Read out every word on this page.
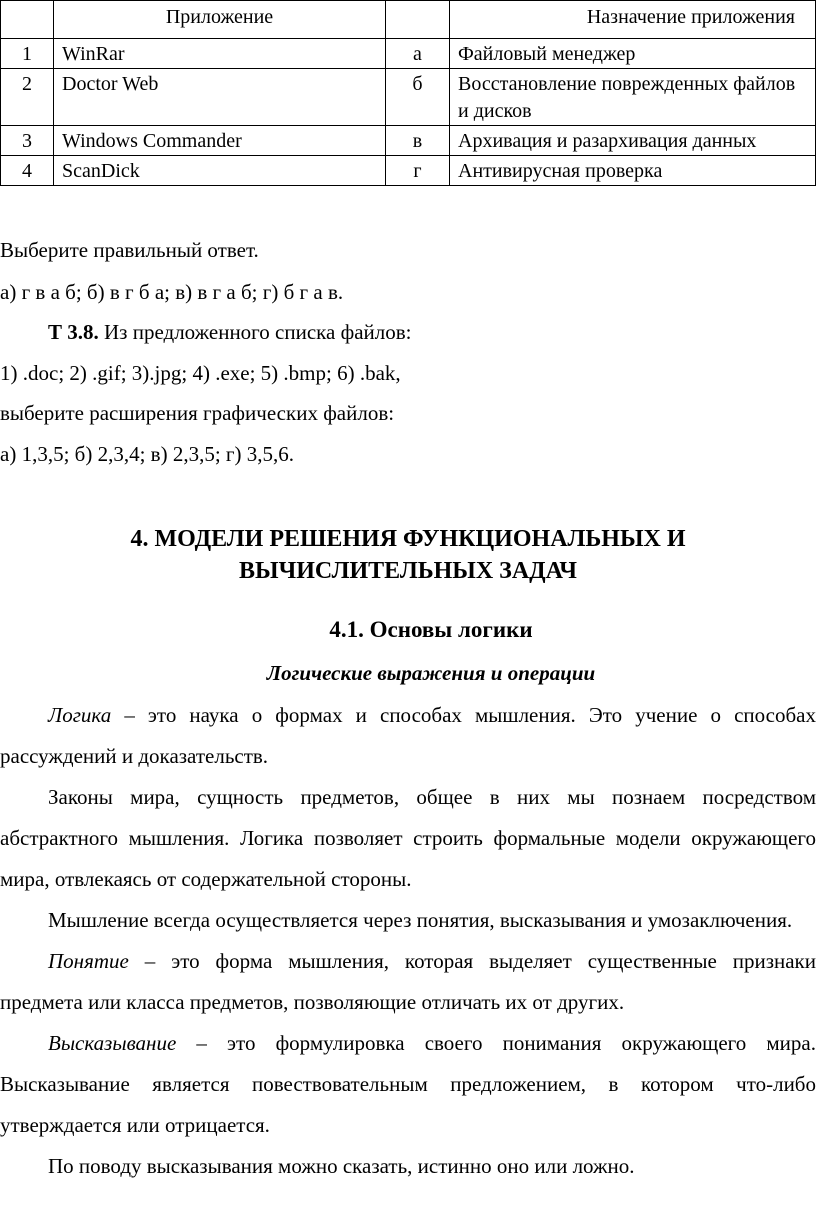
	Приложение		Назначение приложения
1	WinRar	а	Файловый менеджер
2	Doctor Web	б	Восстановление поврежденных файлов и дисков
3	Windows Commander	в	Архивация и разархивация данных
4	ScanDick	г	Антивирусная проверка
Выберите правильный ответ.
а) г в а б; б) в г б а; в) в г а б; г) б г а в.
Т 3.8. Из предложенного списка файлов:
1) .doc; 2) .gif; 3).jpg; 4) .exe; 5) .bmp; 6) .bak,
выберите расширения графических файлов:
а) 1,3,5; б) 2,3,4; в) 2,3,5; г) 3,5,6.
4. МОДЕЛИ РЕШЕНИЯ ФУНКЦИОНАЛЬНЫХ И
ВЫЧИСЛИТЕЛЬНЫХ ЗАДАЧ
4.1. Основы логики
Логические выражения и операции

Логика – это наука о формах и способах мышления. Это учение о способах рассуждений и доказательств.

Законы мира, сущность предметов, общее в них мы познаем посредством абстрактного мышления. Логика позволяет строить формальные модели окружающего мира, отвлекаясь от содержательной стороны.

Мышление всегда осуществляется через понятия, высказывания и умозаключения.

Понятие – это форма мышления, которая выделяет существенные признаки предмета или класса предметов, позволяющие отличать их от других.

Высказывание – это формулировка своего понимания окружающего мира. Высказывание является повествовательным предложением, в котором что-либо утверждается или отрицается.

По поводу высказывания можно сказать, истинно оно или ложно.
